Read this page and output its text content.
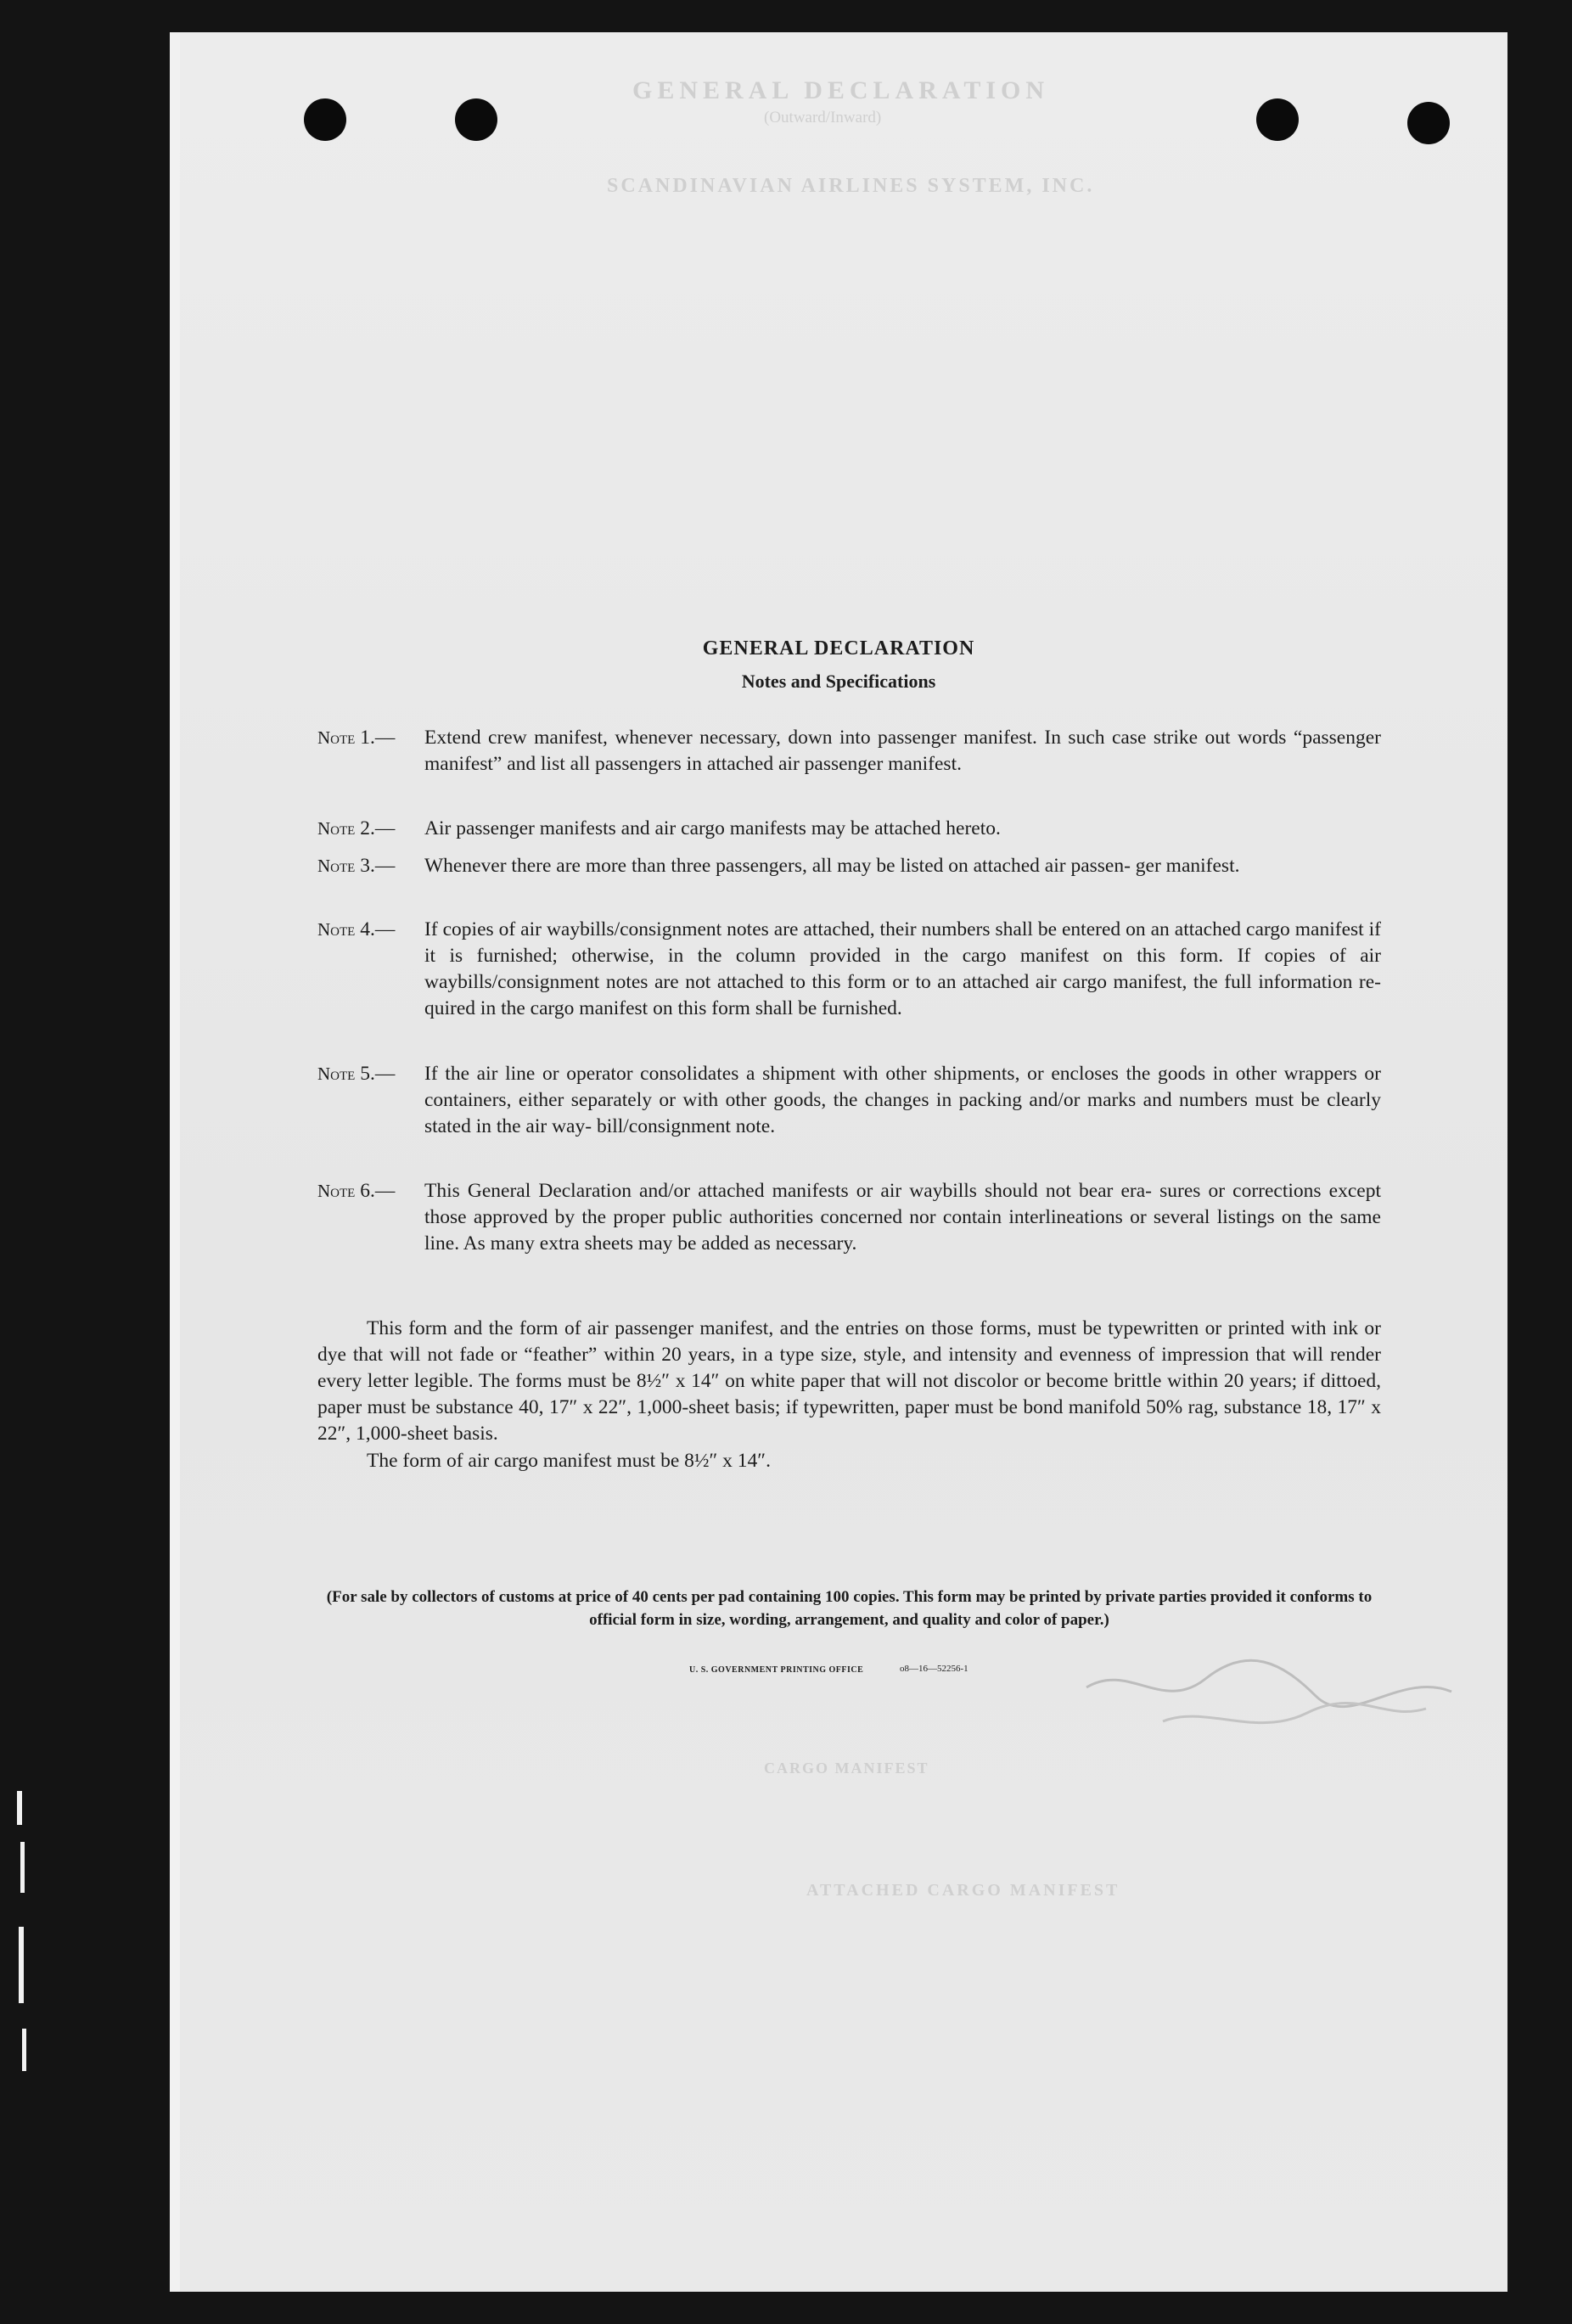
GENERAL DECLARATION
(Outward/Inward)
SCANDINAVIAN AIRLINES SYSTEM, INC.
CARGO MANIFEST
ATTACHED CARGO MANIFEST
GENERAL DECLARATION
Notes and Specifications
Note 1.—	Extend crew manifest, whenever necessary, down into passenger manifest. In such case strike out words “passenger manifest” and list all passengers in attached air passenger manifest.
Note 2.—	Air passenger manifests and air cargo manifests may be attached hereto.
Note 3.—	Whenever there are more than three passengers, all may be listed on attached air passen- ger manifest.
Note 4.—	If copies of air waybills/consignment notes are attached, their numbers shall be entered on an attached cargo manifest if it is furnished; otherwise, in the column provided in the cargo manifest on this form. If copies of air waybills/consignment notes are not attached to this form or to an attached air cargo manifest, the full information re- quired in the cargo manifest on this form shall be furnished.
Note 5.—	If the air line or operator consolidates a shipment with other shipments, or encloses the goods in other wrappers or containers, either separately or with other goods, the changes in packing and/or marks and numbers must be clearly stated in the air way- bill/consignment note.
Note 6.—	This General Declaration and/or attached manifests or air waybills should not bear era- sures or corrections except those approved by the proper public authorities concerned nor contain interlineations or several listings on the same line. As many extra sheets may be added as necessary.
This form and the form of air passenger manifest, and the entries on those forms, must be typewritten or printed with ink or dye that will not fade or “feather” within 20 years, in a type size, style, and intensity and evenness of impression that will render every letter legible. The forms must be 8½″ x 14″ on white paper that will not discolor or become brittle within 20 years; if dittoed, paper must be substance 40, 17″ x 22″, 1,000-sheet basis; if typewritten, paper must be bond manifold 50% rag, substance 18, 17″ x 22″, 1,000-sheet basis.
The form of air cargo manifest must be 8½″ x 14″.
(For sale by collectors of customs at price of 40 cents per pad containing 100 copies. This form may be printed by private parties provided it conforms to official form in size, wording, arrangement, and quality and color of paper.)
U. S. GOVERNMENT PRINTING OFFICE	o8—16—52256-1
